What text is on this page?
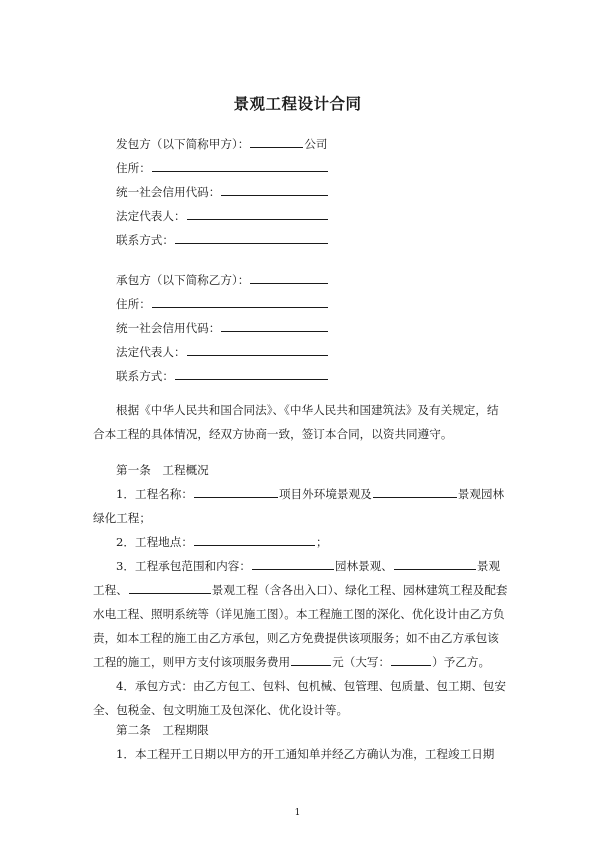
景观工程设计合同
发包方（以下简称甲方）：	公司
住所：
统一社会信用代码：
法定代表人：
联系方式：
承包方（以下简称乙方）：
住所：
统一社会信用代码：
法定代表人：
联系方式：

根据《中华人民共和国合同法》、《中华人民共和国建筑法》及有关规定，结合本工程的具体情况，经双方协商一致，签订本合同，以资共同遵守。

第一条　工程概况

1．工程名称：	项目外环境景观及	景观园林绿化工程；

2．工程地点：	；

3．工程承包范围和内容：	园林景观、	景观工程、	景观工程（含各出入口）、绿化工程、园林建筑工程及配套水电工程、照明系统等（详见施工图）。本工程施工图的深化、优化设计由乙方负责，如本工程的施工由乙方承包，则乙方免费提供该项服务；如不由乙方承包该工程的施工，则甲方支付该项服务费用	元（大写：	）予乙方。

4．承包方式：由乙方包工、包料、包机械、包管理、包质量、包工期、包安全、包税金、包文明施工及包深化、优化设计等。

第二条　工程期限

1．本工程开工日期以甲方的开工通知单并经乙方确认为准，工程竣工日期

1
